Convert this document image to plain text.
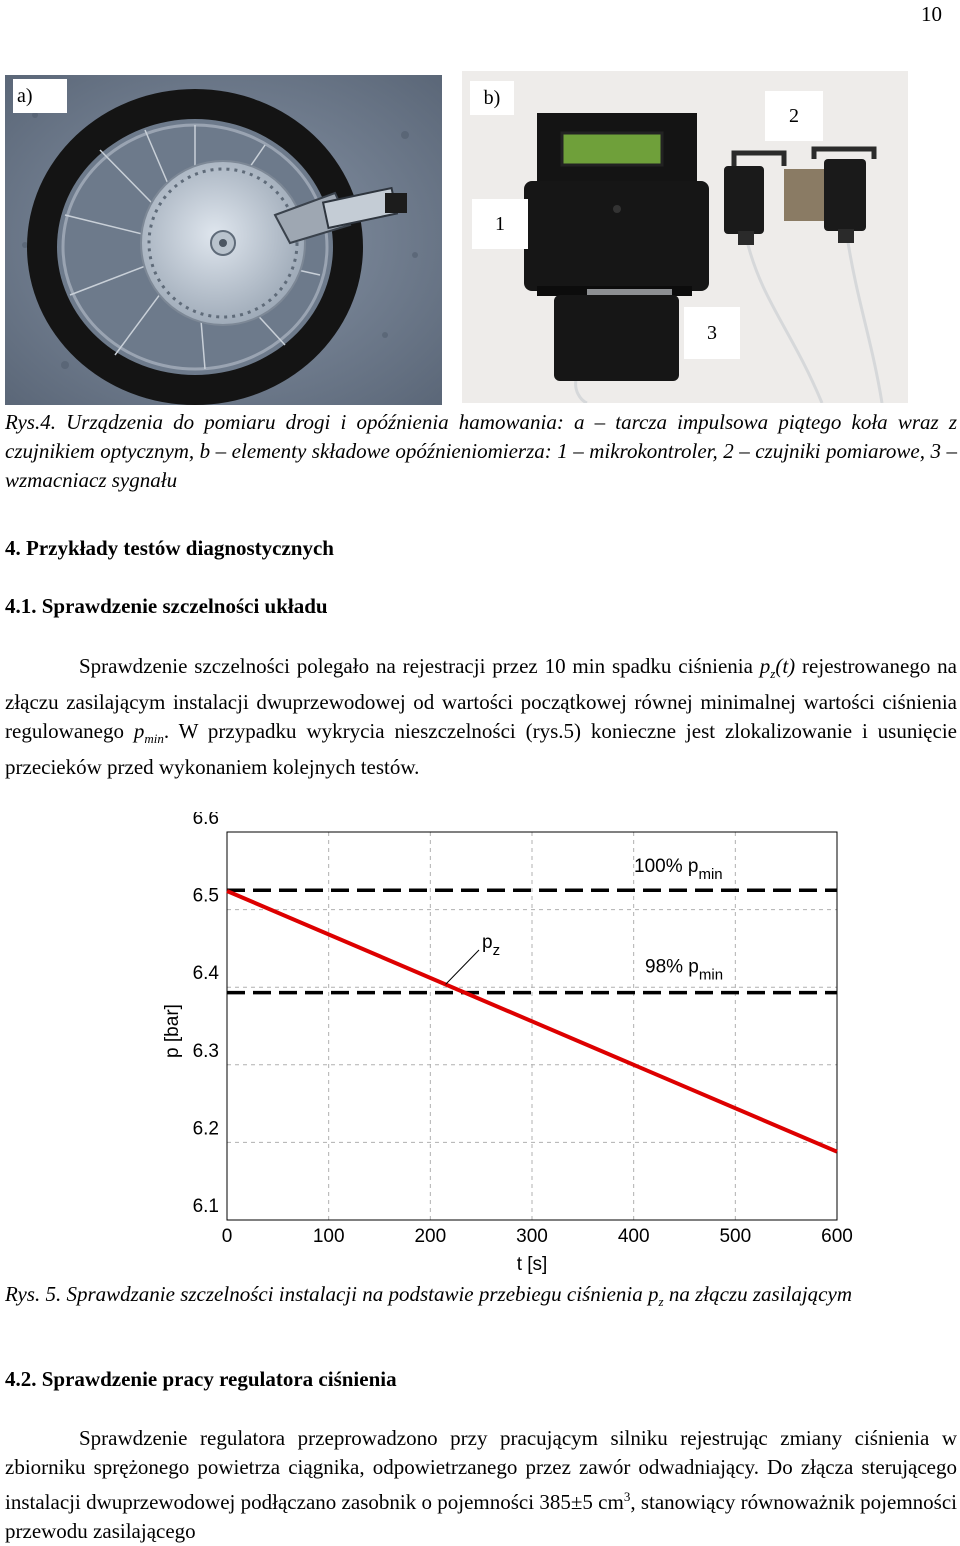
10
a)	b)
2
1
3
Rys.4. Urządzenia do pomiaru drogi i opóźnienia hamowania: a – tarcza impulsowa piątego koła wraz z czujnikiem optycznym, b – elementy składowe opóźnieniomierza: 1 – mikrokontroler, 2 – czujniki pomiarowe, 3 – wzmacniacz sygnału
4. Przykłady testów diagnostycznych
4.1. Sprawdzenie szczelności układu
Sprawdzenie szczelności polegało na rejestracji przez 10 min spadku ciśnienia $p_z(t)$ rejestrowanego na złączu zasilającym instalacji dwuprzewodowej od wartości początkowej równej minimalnej wartości ciśnienia regulowanego $p_{min}$. W przypadku wykrycia nieszczelności (rys.5) konieczne jest zlokalizowanie i usunięcie przecieków przed wykonaniem kolejnych testów.
6.6
6.5
6.4
6.3
6.2
6.1
0	100	200	300	400	500	600
p [bar]
t [s]
100% $p_{min}$
98% $p_{min}$
$p_z$
Rys. 5. Sprawdzanie szczelności instalacji na podstawie przebiegu ciśnienia $p_z$ na złączu zasilającym
4.2. Sprawdzenie pracy regulatora ciśnienia
Sprawdzenie regulatora przeprowadzono przy pracującym silniku rejestrując zmiany ciśnienia w zbiorniku sprężonego powietrza ciągnika, odpowietrzanego przez zawór odwadniający. Do złącza sterującego instalacji dwuprzewodowej podłączano zasobnik o pojemności 385±5 $cm^3$, stanowiący równoważnik pojemności przewodu zasilającego
